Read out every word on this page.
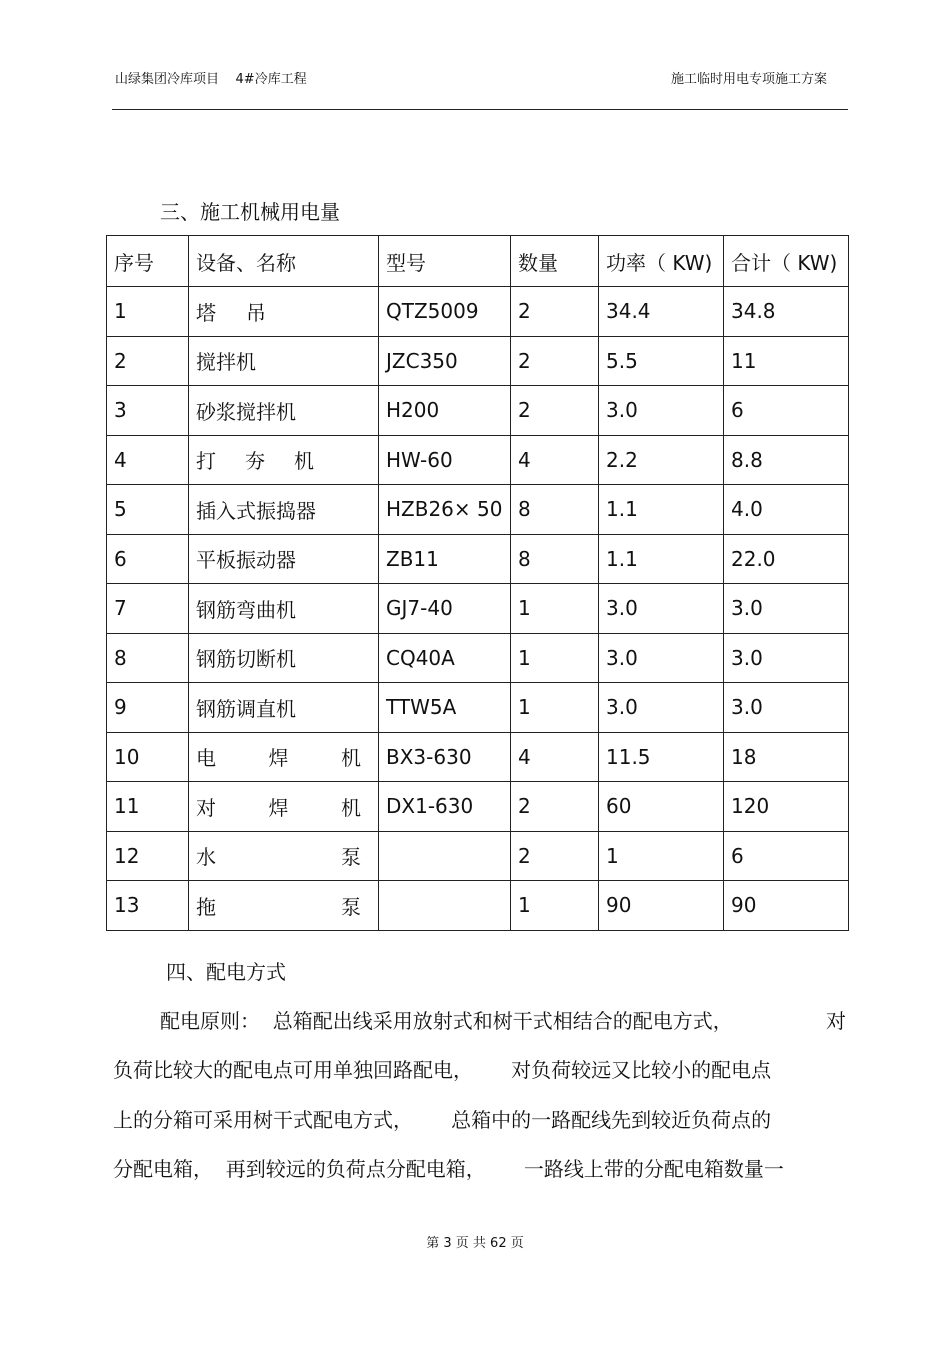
山绿集团冷库项目    4#冷库工程	施工临时用电专项施工方案
三、施工机械用电量
序号	设备、名称	型号	数量	功率（ KW)	合计（ KW)
1	塔 吊	QTZ5009	2	34.4	34.8
2	搅拌机	JZC350	2	5.5	11
3	砂浆搅拌机	H200	2	3.0	6
4	打 夯 机	HW-60	4	2.2	8.8
5	插入式振捣器	HZB26× 50	8	1.1	4.0
6	平板振动器	ZB11	8	1.1	22.0
7	钢筋弯曲机	GJ7-40	1	3.0	3.0
8	钢筋切断机	CQ40A	1	3.0	3.0
9	钢筋调直机	TTW5A	1	3.0	3.0
10	电 焊 机	BX3-630	4	11.5	18
11	对 焊 机	DX1-630	2	60	120
12	水 泵		2	1	6
13	拖 泵		1	90	90
四、配电方式
配电原则：  总箱配出线采用放射式和树干式相结合的配电方式，	对
负荷比较大的配电点可用单独回路配电，      对负荷较远又比较小的配电点
上的分箱可采用树干式配电方式，      总箱中的一路配线先到较近负荷点的
分配电箱，  再到较远的负荷点分配电箱，      一路线上带的分配电箱数量一
第 3 页 共 62 页
